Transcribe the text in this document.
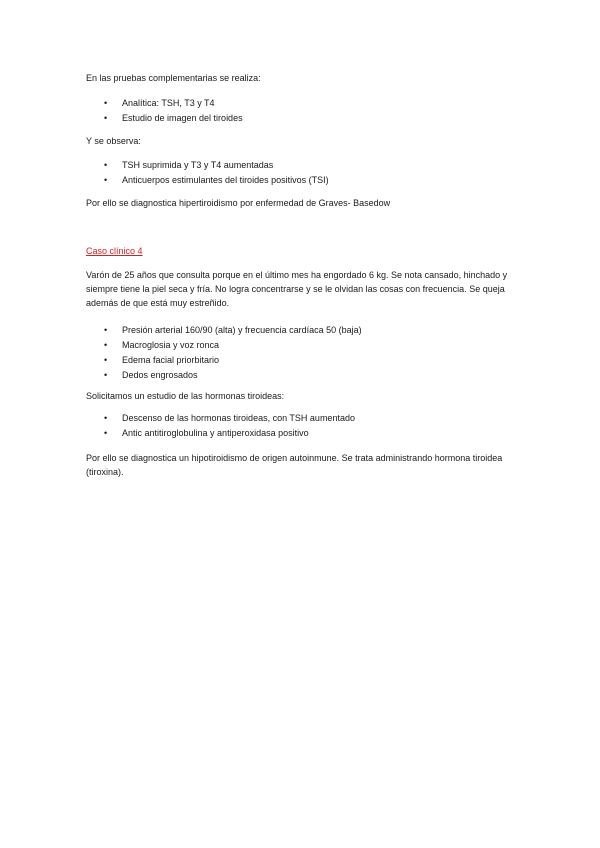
En las pruebas complementarias se realiza:
• Analítica: TSH, T3 y T4
• Estudio de imagen del tiroides
Y se observa:
• TSH suprimida y T3 y T4 aumentadas
• Anticuerpos estimulantes del tiroides positivos (TSI)
Por ello se diagnostica hipertiroidismo por enfermedad de Graves- Basedow
Caso clínico 4
Varón de 25 años que consulta porque en el último mes ha engordado 6 kg. Se nota cansado, hinchado y siempre tiene la piel seca y fría. No logra concentrarse y se le olvidan las cosas con frecuencia. Se queja además de que está muy estreñido.
• Presión arterial 160/90 (alta) y frecuencia cardíaca 50 (baja)
• Macroglosia y voz ronca
• Edema facial priorbitario
• Dedos engrosados
Solicitamos un estudio de las hormonas tiroideas:
• Descenso de las hormonas tiroideas, con TSH aumentado
• Antic antitiroglobulina y antiperoxidasa positivo
Por ello se diagnostica un hipotiroidismo de origen autoinmune. Se trata administrando hormona tiroidea (tiroxina).
